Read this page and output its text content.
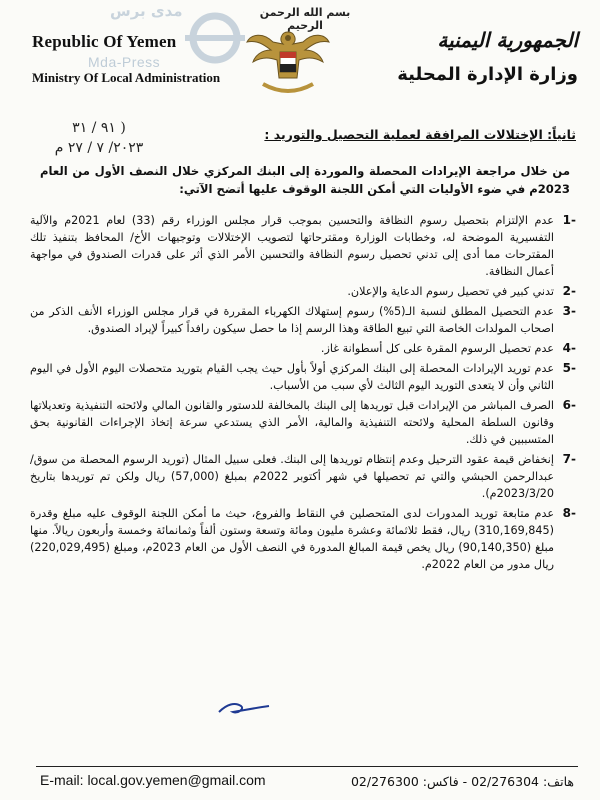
مدى برس
Mda-Press
Republic Of Yemen
Ministry Of Local Administration
بسم الله الرحمن الرحيم
الجمهورية اليمنية
وزارة الإدارة المحلية
( ٩١ / ٣١
٢٠٢٣/ ٧ / ٢٧ م
ثانياً: الإختلالات المرافقة لعملية التحصيل والتوريد :
من خلال مراجعة الإيرادات المحصلة والموردة إلى البنك المركزي خلال النصف الأول من العام 2023م في ضوء الأوليات التي أمكن اللجنة الوقوف عليها أتضح الآتي:
-1
عدم الإلتزام بتحصيل رسوم النظافة والتحسين بموجب قرار مجلس الوزراء رقم (33) لعام 2021م والآلية التفسيرية الموضحة له، وخطابات الوزارة ومقترحاتها لتصويب الإختلالات وتوجيهات الأخ/ المحافظ بتنفيذ تلك المقترحات مما أدى إلى تدني تحصيل رسوم النظافة والتحسين الأمر الذي أثر على قدرات الصندوق في مواجهة أعمال النظافة.
-2
تدني كبير في تحصيل رسوم الدعاية والإعلان.
-3
عدم التحصيل المطلق لنسبة الـ(5%) رسوم إستهلاك الكهرباء المقررة في قرار مجلس الوزراء الأنف الذكر من اصحاب المولدات الخاصة التي تبيع الطاقة وهذا الرسم إذا ما حصل سيكون رافداً كبيراً لإيراد الصندوق.
-4
عدم تحصيل الرسوم المقرة على كل أسطوانة غاز.
-5
عدم توريد الإيرادات المحصلة إلى البنك المركزي أولاً بأول حيث يجب القيام بتوريد متحصلات اليوم الأول في اليوم الثاني وأن لا يتعدى التوريد اليوم الثالث لأي سبب من الأسباب.
-6
الصرف المباشر من الإيرادات قبل توريدها إلى البنك بالمخالفة للدستور والقانون المالي ولائحته التنفيذية وتعديلاتها وقانون السلطة المحلية ولائحته التنفيذية والمالية، الأمر الذي يستدعي سرعة إتخاذ الإجراءات القانونية بحق المتسببين في ذلك.
-7
إنخفاض قيمة عقود الترحيل وعدم إنتظام توريدها إلى البنك. فعلى سبيل المثال (توريد الرسوم المحصلة من سوق/ عبدالرحمن الحبشي والتي تم تحصيلها في شهر أكتوبر 2022م بمبلغ (57,000) ريال ولكن تم توريدها بتاريخ 2023/3/20م).
-8
عدم متابعة توريد المدورات لدى المتحصلين في النقاط والفروع، حيث ما أمكن اللجنة الوقوف عليه مبلغ وقدرة (310,169,845) ريال، فقط ثلاثمائة وعشرة مليون ومائة وتسعة وستون ألفاً وثمانمائة وخمسة وأربعون ريالاً. منها مبلغ (90,140,350) ريال يخص قيمة المبالغ المدورة في النصف الأول من العام 2023م، ومبلغ (220,029,495) ريال مدور من العام 2022م.
E-mail: local.gov.yemen@gmail.com	هاتف: 02/276304 - فاكس: 02/276300
